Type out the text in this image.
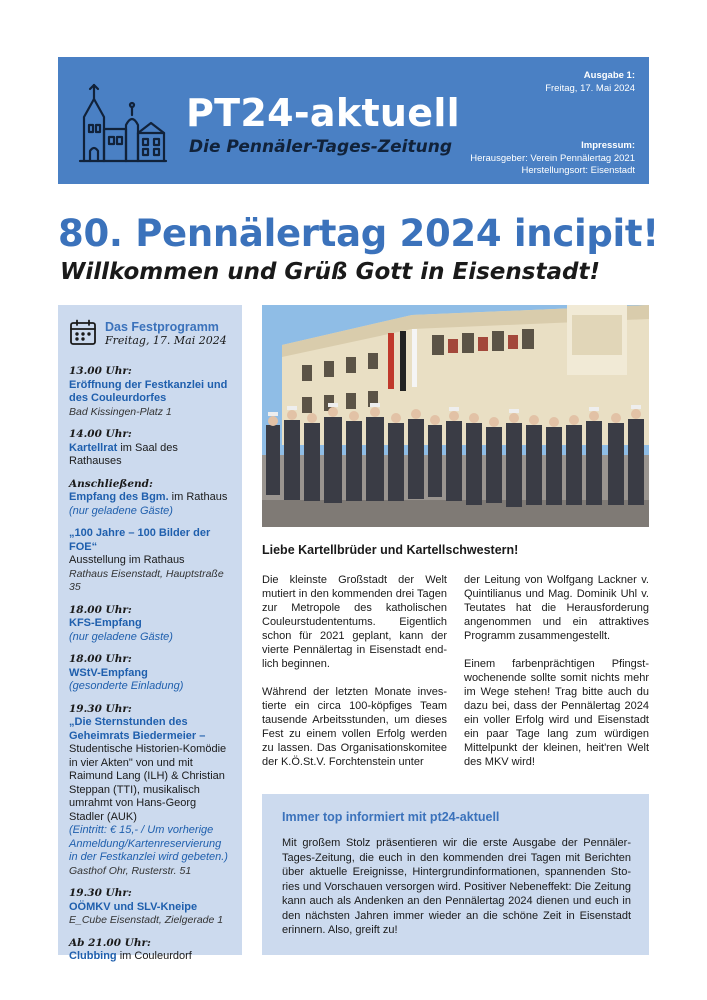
PT24-aktuell
Die Pennäler-Tages-Zeitung
Ausgabe 1:
Freitag, 17. Mai 2024
Impressum:
Herausgeber: Verein Pennälertag 2021
Herstellungsort: Eisenstadt
80. Pennälertag 2024 incipit!
Willkommen und Grüß Gott in Eisenstadt!
Das Festprogramm
Freitag, 17. Mai 2024
13.00 Uhr:
Eröffnung der Festkanzlei und des Couleurdorfes
Bad Kissingen-Platz 1
14.00 Uhr:
Kartellrat im Saal des Rathauses
Anschließend:
Empfang des Bgm. im Rathaus
(nur geladene Gäste)
„100 Jahre – 100 Bilder der FOE“
Ausstellung im Rathaus
Rathaus Eisenstadt, Hauptstraße 35
18.00 Uhr:
KFS-Empfang
(nur geladene Gäste)
18.00 Uhr:
WStV-Empfang
(gesonderte Einladung)
19.30 Uhr:
„Die Sternstunden des Geheimrats Biedermeier –
Studentische Historien-Komödie in vier Akten" von und mit Raimund Lang (ILH) & Christian Steppan (TTI), musikalisch umrahmt von Hans-Georg Stadler (AUK)
(Eintritt: € 15,- / Um vorherige Anmeldung/Kartenreservierung in der Festkanzlei wird gebeten.)
Gasthof Ohr, Rusterstr. 51
19.30 Uhr:
OÖMKV und SLV-Kneipe
E_Cube Eisenstadt, Zielgerade 1
Ab 21.00 Uhr:
Clubbing im Couleurdorf
Liebe Kartellbrüder und Kartellschwestern!

Die kleinste Großstadt der Welt mutiert in den kommenden drei Tagen zur Metropole des katholischen Couleurstudententums. Eigentlich schon für 2021 geplant, kann der vierte Pennälertag in Eisenstadt endlich beginnen.

Während der letzten Monate investierte ein circa 100-köpfiges Team tausende Arbeitsstunden, um dieses Fest zu einem vollen Erfolg werden zu lassen. Das Organisationskomitee der K.Ö.St.V. Forchtenstein unter

der Leitung von Wolfgang Lackner v. Quintilianus und Mag. Dominik Uhl v. Teutates hat die Herausforderung angenommen und ein attraktives Programm zusammengestellt.

Einem farbenprächtigen Pfingstwochenende sollte somit nichts mehr im Wege stehen! Trag bitte auch du dazu bei, dass der Pennälertag 2024 ein voller Erfolg wird und Eisenstadt ein paar Tage lang zum würdigen Mittelpunkt der kleinen, heit'ren Welt des MKV wird!

Immer top informiert mit pt24-aktuell
Mit großem Stolz präsentieren wir die erste Ausgabe der Pennäler-Tages-Zeitung, die euch in den kommenden drei Tagen mit Berichten über aktuelle Ereignisse, Hintergrundinformationen, spannenden Stories und Vorschauen versorgen wird. Positiver Nebeneffekt: Die Zeitung kann auch als Andenken an den Pennälertag 2024 dienen und euch in den nächsten Jahren immer wieder an die schöne Zeit in Eisenstadt erinnern. Also, greift zu!
